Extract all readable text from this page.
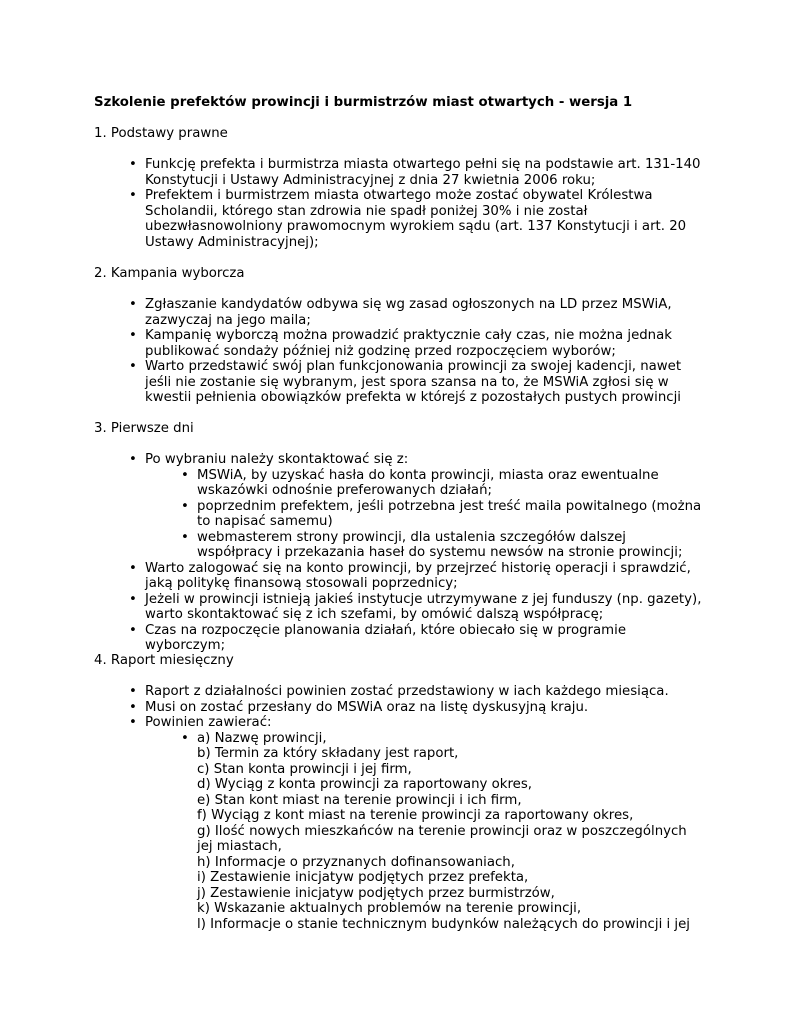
Szkolenie prefektów prowincji i burmistrzów miast otwartych - wersja 1
1. Podstawy prawne
• Funkcję prefekta i burmistrza miasta otwartego pełni się na podstawie art. 131-140 Konstytucji i Ustawy Administracyjnej z dnia 27 kwietnia 2006 roku;
• Prefektem i burmistrzem miasta otwartego może zostać obywatel Królestwa Scholandii, którego stan zdrowia nie spadł poniżej 30% i nie został ubezwłasnowolniony prawomocnym wyrokiem sądu (art. 137 Konstytucji i art. 20 Ustawy Administracyjnej);
2. Kampania wyborcza
• Zgłaszanie kandydatów odbywa się wg zasad ogłoszonych na LD przez MSWiA, zazwyczaj na jego maila;
• Kampanię wyborczą można prowadzić praktycznie cały czas, nie można jednak publikować sondaży później niż godzinę przed rozpoczęciem wyborów;
• Warto przedstawić swój plan funkcjonowania prowincji za swojej kadencji, nawet jeśli nie zostanie się wybranym, jest spora szansa na to, że MSWiA zgłosi się w kwestii pełnienia obowiązków prefekta w którejś z pozostałych pustych prowincji
3. Pierwsze dni
• Po wybraniu należy skontaktować się z:
• MSWiA, by uzyskać hasła do konta prowincji, miasta oraz ewentualne wskazówki odnośnie preferowanych działań;
• poprzednim prefektem, jeśli potrzebna jest treść maila powitalnego (można to napisać samemu)
• webmasterem strony prowincji, dla ustalenia szczegółów dalszej współpracy i przekazania haseł do systemu newsów na stronie prowincji;
• Warto zalogować się na konto prowincji, by przejrzeć historię operacji i sprawdzić, jaką politykę finansową stosowali poprzednicy;
• Jeżeli w prowincji istnieją jakieś instytucje utrzymywane z jej funduszy (np. gazety), warto skontaktować się z ich szefami, by omówić dalszą współpracę;
• Czas na rozpoczęcie planowania działań, które obiecało się w programie wyborczym;
4. Raport miesięczny
• Raport z działalności powinien zostać przedstawiony w iach każdego miesiąca.
• Musi on zostać przesłany do MSWiA oraz na listę dyskusyjną kraju.
• Powinien zawierać:
• a) Nazwę prowincji,
b) Termin za który składany jest raport,
c) Stan konta prowincji i jej firm,
d) Wyciąg z konta prowincji za raportowany okres,
e) Stan kont miast na terenie prowincji i ich firm,
f) Wyciąg z kont miast na terenie prowincji za raportowany okres,
g) Ilość nowych mieszkańców na terenie prowincji oraz w poszczególnych jej miastach,
h) Informacje o przyznanych dofinansowaniach,
i) Zestawienie inicjatyw podjętych przez prefekta,
j) Zestawienie inicjatyw podjętych przez burmistrzów,
k) Wskazanie aktualnych problemów na terenie prowincji,
l) Informacje o stanie technicznym budynków należących do prowincji i jej
